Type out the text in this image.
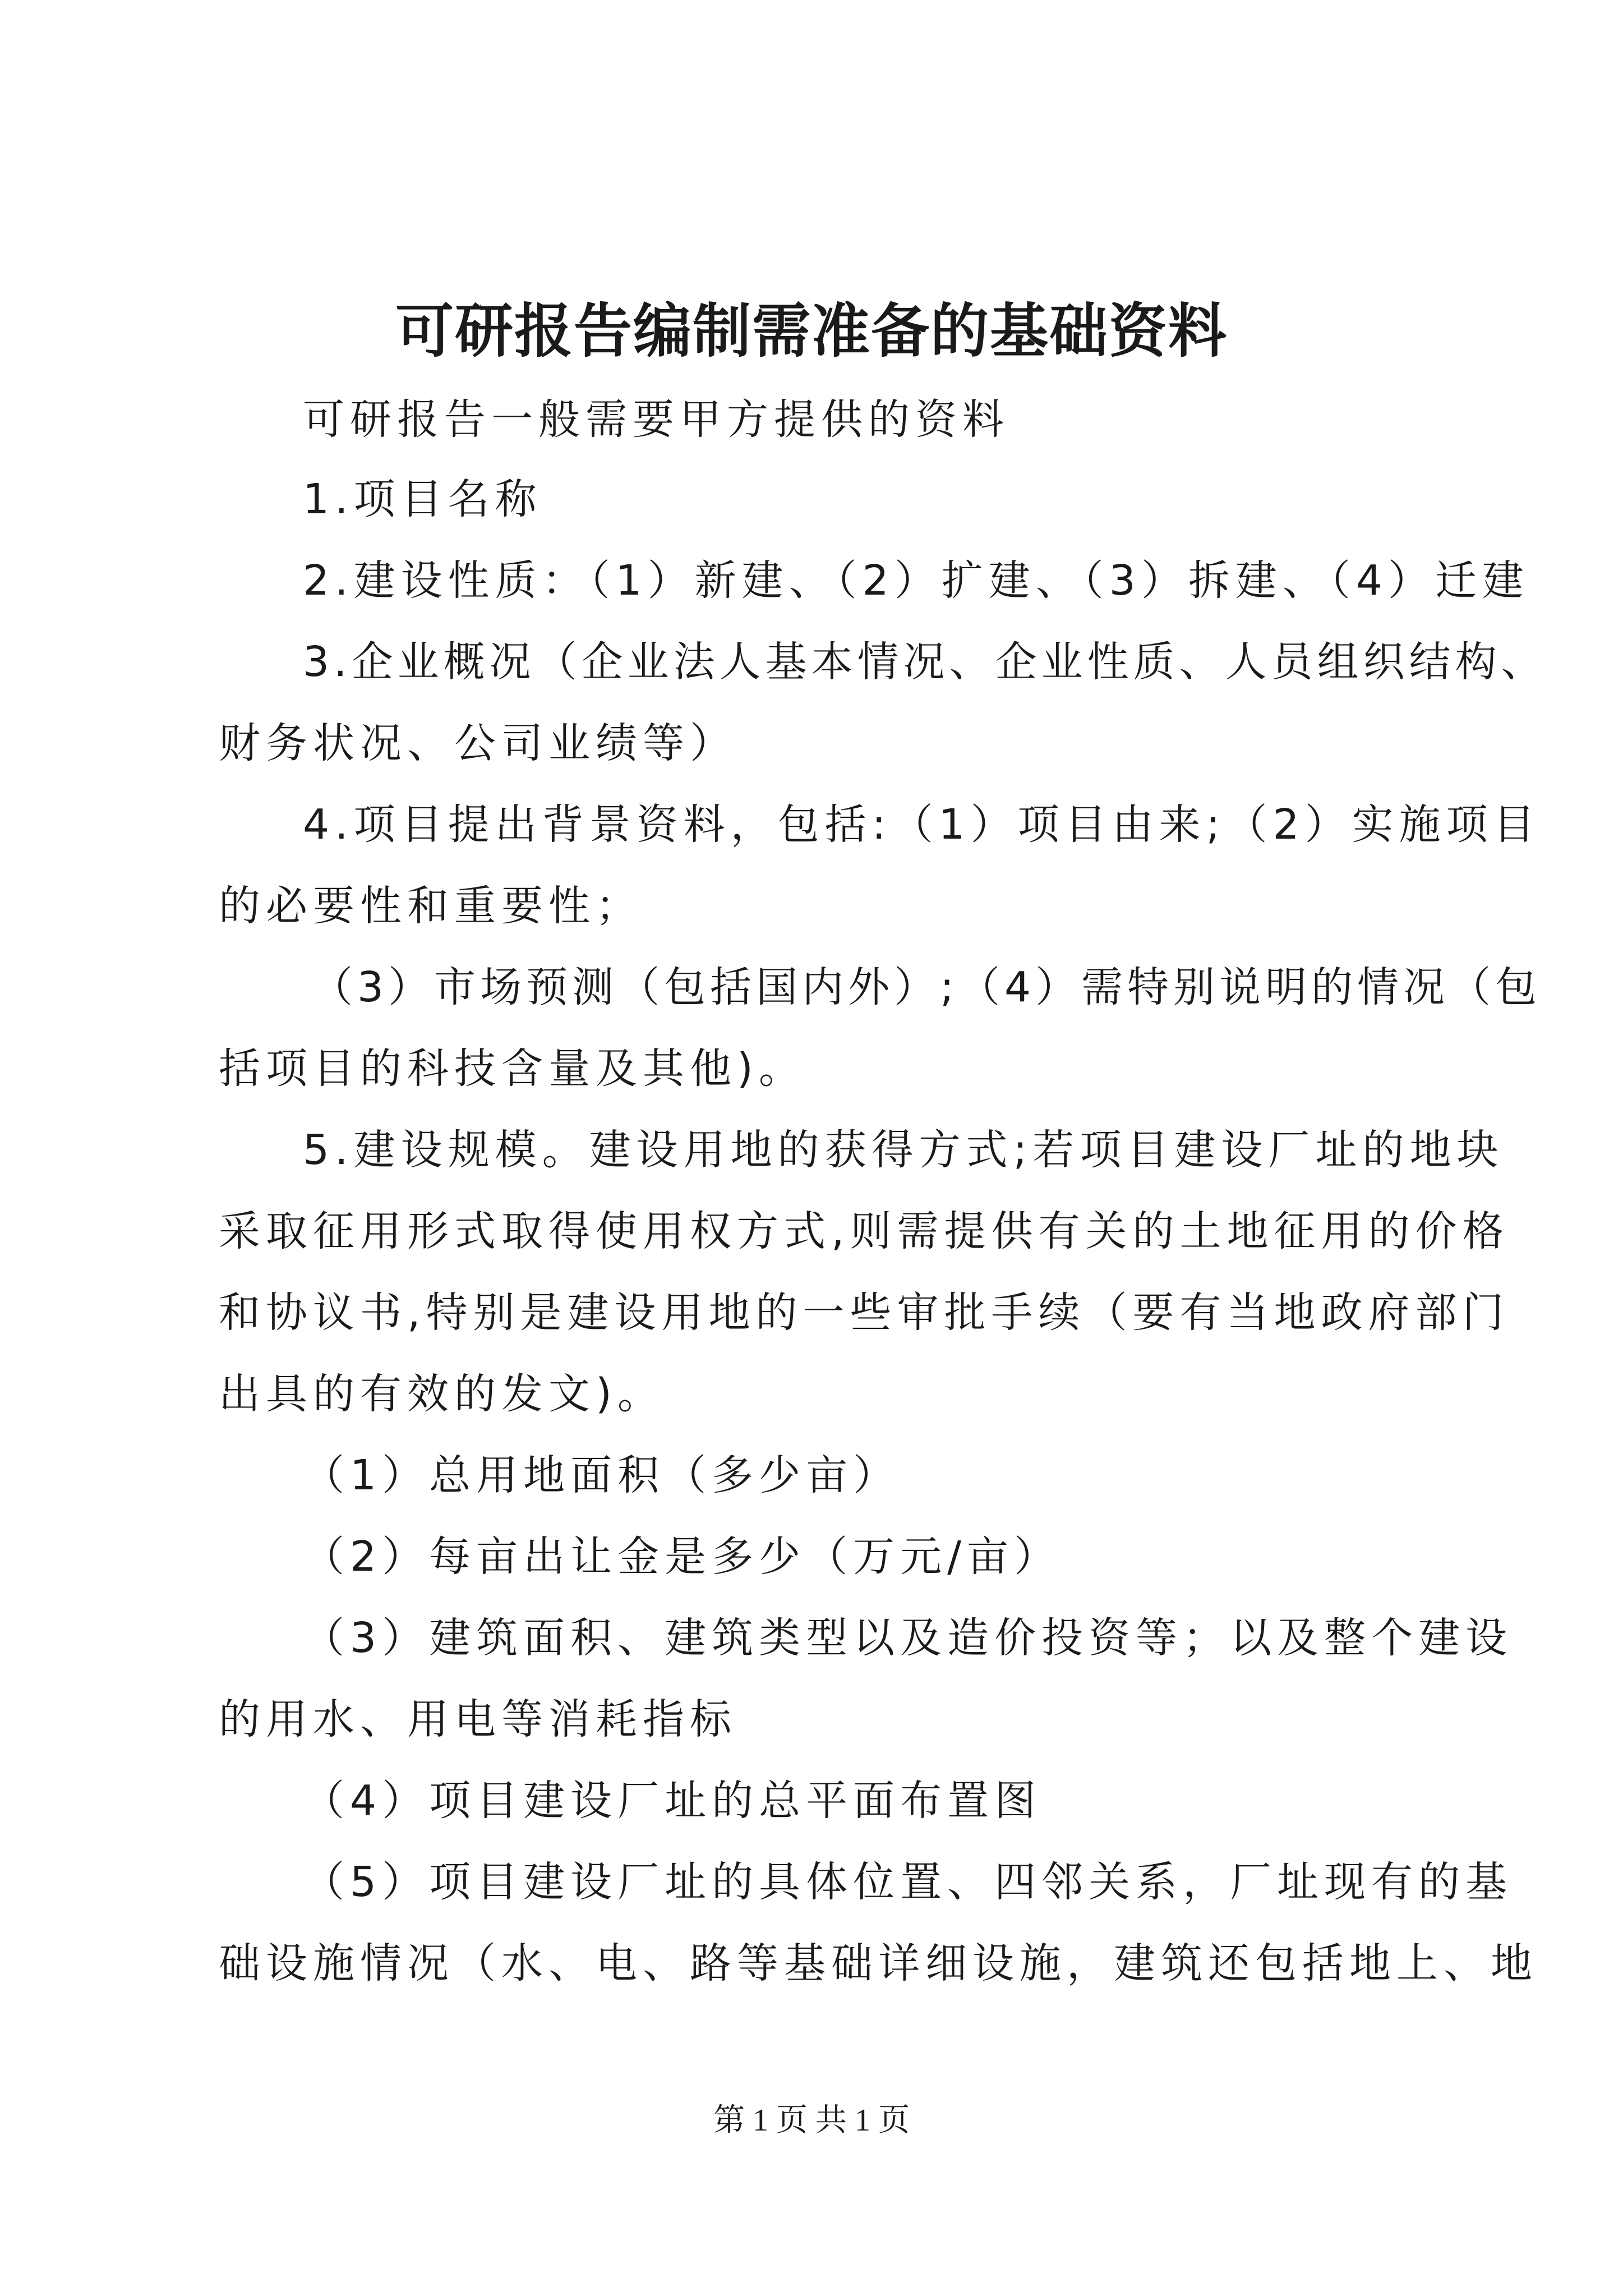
可研报告编制需准备的基础资料
可研报告一般需要甲方提供的资料
1.项目名称
2.建设性质：（1）新建、（2）扩建、（3）拆建、（4）迁建
3.企业概况（企业法人基本情况、企业性质、人员组织结构、
财务状况、公司业绩等）
4.项目提出背景资料，包括:（1）项目由来;（2）实施项目
的必要性和重要性；
（3）市场预测（包括国内外）;（4）需特别说明的情况（包
括项目的科技含量及其他)。
5.建设规模。建设用地的获得方式;若项目建设厂址的地块
采取征用形式取得使用权方式,则需提供有关的土地征用的价格
和协议书,特别是建设用地的一些审批手续（要有当地政府部门
出具的有效的发文)。
（1）总用地面积（多少亩）
（2）每亩出让金是多少（万元/亩）
（3）建筑面积、建筑类型以及造价投资等；以及整个建设
的用水、用电等消耗指标
（4）项目建设厂址的总平面布置图
（5）项目建设厂址的具体位置、四邻关系，厂址现有的基
础设施情况（水、电、路等基础详细设施，建筑还包括地上、地
第 1 页 共 1 页
